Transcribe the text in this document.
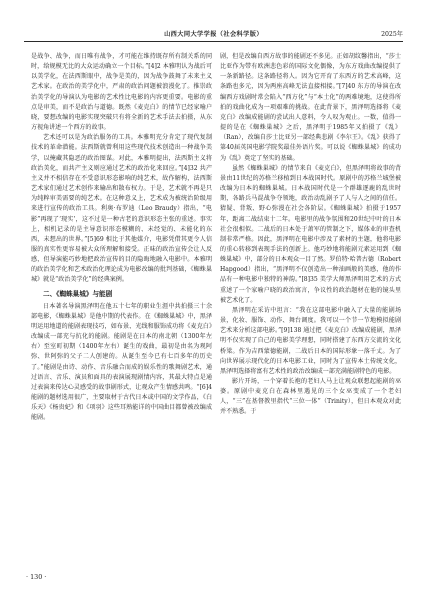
山西大同大学学报（社会科学版）	2025年

是战争、战争，而日唯有战争，才可能在维持既存所有制关系的同时，给规模无比的大众运动确立一个目标。”[4]2 本雅明认为战后可以美学化，在法西斯眼中，战争是美的，因为战争鼓舞了未来主义艺术家。在政治的美学化中，严肃的政治问题被浪漫化了。推崇政治美学化的导演认为电影的艺术性比电影的内容更重要。电影的重点是审美，而不是政治与道德。既然《麦克白》的情节已经家喻户晓，要想改编的电影实现突破只有将全新的艺术手法去拍摄，从东方视角讲述一个西方的故事。

艺术还可以是为政治服务的工具。本雅明充分肯定了现代复制技术的革命潜能。法西斯就曾利用这些现代技术创造出一种战争美学，以掩藏其隐恶的政治图谋。对此，本雅明提出，法西斯主义将政治美化，而共产主义则应通过艺术的政治化来回应。”[4]32 共产主义并不相信存在不受意识形态影响的纯艺术，故作解构，法西斯艺术家们通过艺术创作来输出和散布权力。于是，艺术就不再是只为纯粹审美需要的纯艺术。在这种意义上，艺术成为被统治阶级用来进行宣传的政治工具。利奥·布罗迪（Leo Braudy）指出，“电影”再现了‘现实’，这不过是一种古老的意识形态主张的重述。事实上，相机记录的是主导意识形态模糊的、未经觉的、未能化的东西，未想出的世界。”[5]69 相比于其他媒介，电影凭借其更令人信服的真实性更容易被大众所理解和接受。正味的政治宣传会让人反感，但导演能巧妙地把政治宣传的目的隐晦地融入电影中。本雅明的政治美学化和艺术政治化理论成为电影改编的批判基础，《蜘蛛巢城》就是“政治美学化”的经典案例。

二、《蜘蛛巢城》与能剧

日本著名导演黑泽明在他五十七年的职业生涯中共拍摄三十余部电影，《蜘蛛巢城》是他中期的代表作。在《蜘蛛巢城》中，黑泽明运用地道的能剧表现技巧，如布景、光线和服饰成功将《麦克白》改编成一部充与抗化的能剧。能剧是在日本的南北朝（1300年左右）至室町初期（1400年左右）诞生的戏曲，最初是由名为观阿弥、世阿弥的父子二人创建的。从诞生至今已有七百多年的历史了。”能剧是由诗、动作、音乐融合而成的娱乐性的歌舞剧艺术，通过语言、音乐、演员和面具的表演展现剧情内容，其最大特点是通过表演来传达心灵感受的故事剧形式，让观众产生情感共鸣。“[6]4 能剧的题材选用很广，主要取材于古代日本或中国的文学作品，《白乐天》《杨贵妃》和《项羽》这些耳熟能详的中国曲目都曾被改编成能剧。

剧，但是改编自西方故事的能剧还不多见。正如胡纹馨指出，“莎士比亚作为带有欧洲悲色彩的国际文化偶像，为东方戏曲改编提供了一条新路径。这条路径将人。因为它开育了东西方的艺术高峰，这条路也多元，因为两座高峰无法直接相接。”[7]40 东方的导演在改编西方戏剧时常会陷入“西方化”与“本土化”的两难境地，这使得所拍的戏曲化成为一项艰难的挑战。在此背景下，黑泽明选择将《麦克白》改编成能剧的尝试出人意料，令人叹为观止。一数，值得一提的是在《蜘蛛巢城》之后，黑泽明于1985年又拍摄了《乱》（Ran），改编自莎士比亚另一部经典悲剧《李尔王》。《乱》获得了第40届英国电影学院奖最佳外语片奖。可以说《蜘蛛巢城》的成功为《乱》奠定了坚实的基础。

虽然《蜘蛛巢城》的情节来自《麦克白》，但黑泽明将故事的背景由11世纪的苏格兰移植到日本战国时代。原剧中的苏格兰城堡被改编为日本的蜘蛛巢城。日本战国时代是一个群雄逐鹿的乱世时期，各路兵马混战争夺领地，政治动乱剧予了人与人之间的信任。猜疑、背叛、野心弥漫在社会各阶层。《蜘蛛巢城》拍摄于1957年，距离二战结束十二年。电影里的战争氛围和20世纪中叶的日本社会很相似。二战后的日本处于萧军的管制之下，媒体业的审查机制非常严格。因此，黑泽明在电影中涉及了素材的主题，他将电影的重心转移到表现手法的创新上。他巧妙地将能剧元素运用到《蜘蛛巢城》中，部分的日本观众一目了然。罗伯特·哈普古德（Robert Hapgood）指出，“黑泽明不仅创造出一种油画般的美感，他的作品有一种电影中独特的神韵。”[8]35 美学大师黑泽明用艺术的方式重述了一个家喻户晓的政治寓言，争议性的政治题材在他的镜头里被艺术化了。

黑泽明在采访中坦言：“我在这部电影中融入了大量的能剧场景，化妆、服饰、动作、舞台调度。我可以一个节一节地模拟能剧艺术来分析这部电影。”[9]138 通过把《麦克白》改编成能剧，黑泽明不仅实现了自己的电影美学理想，同时搭建了东西方交流的文化桥梁。作为吉西蒙德能剧，二战后日本的国际形象一落千丈。为了向世界展示现代化的日本电影工业，同时为了宣传本土传统文化，黑泽明选择将富有艺术性的政治改编成一部充满能剧特色的电影。

影片开场，一个穿着长袍的老妇人马上让观众联想起能剧的巫婆。原剧中麦克白在森林里遇见的三个女巫变成了一个老妇人，“三”在基督教里指代“三位一体”（Trinity），但日本观众对此并不熟悉。于

· 130 ·
